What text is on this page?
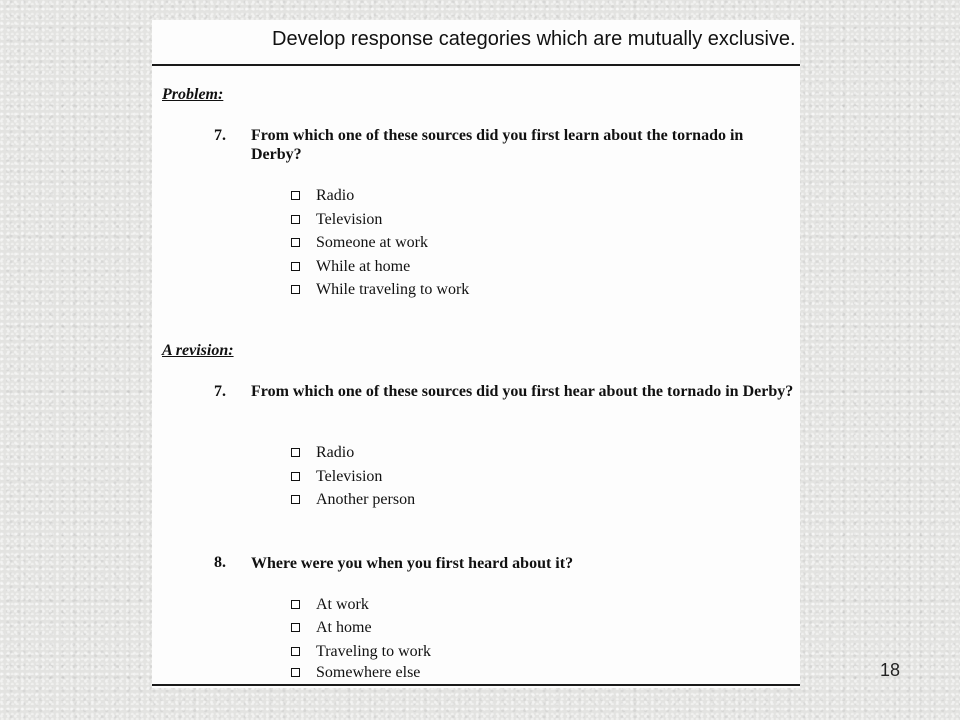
Develop response categories which are mutually exclusive.
Problem:
7. From which one of these sources did you first learn about the tornado in Derby?
Radio
Television
Someone at work
While at home
While traveling to work
A revision:
7. From which one of these sources did you first hear about the tornado in Derby?
Radio
Television
Another person
8. Where were you when you first heard about it?
At work
At home
Traveling to work
Somewhere else	18
